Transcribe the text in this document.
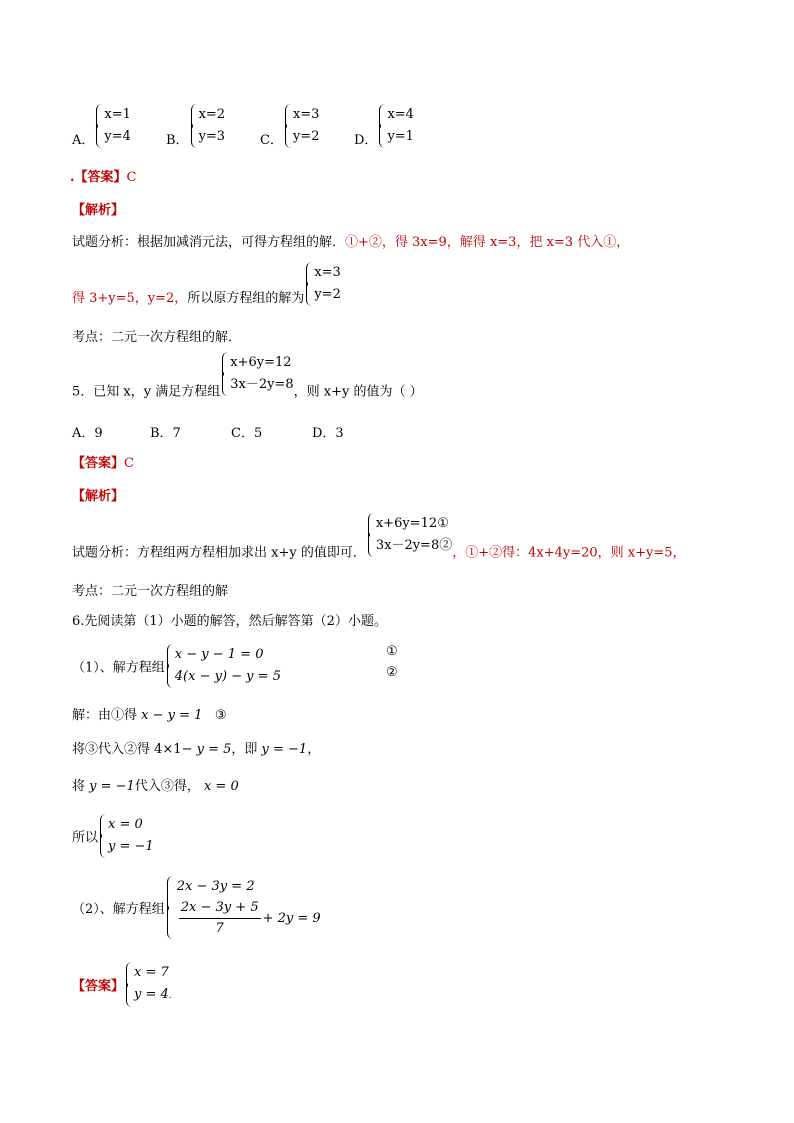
A．
x=1
y=4	B．
x=2
y=3	C．
x=3
y=2	D．
x=4
y=1
.【答案】C
【解析】
试题分析：根据加减消元法，可得方程组的解．①+②，得 3x=9，解得 x=3，把 x=3 代入①，
得 3+y=5，y=2，所以原方程组的解为
x=3
y=2
考点：二元一次方程组的解．
5．已知 x，y 满足方程组
x+6y=12
3x－2y=8 ，则 x+y 的值为（ ）
A．9	B．7	C．5	D．3
【答案】C
【解析】
试题分析：方程组两方程相加求出 x+y 的值即可．
x+6y=12①
3x－2y=8② ，①+②得：4x+4y=20，则 x+y=5，
考点：二元一次方程组的解
6.先阅读第（1）小题的解答，然后解答第（2）小题。
（1）、解方程组
x − y − 1 = 0
4(x − y) − y = 5
①
②
解：由①得 x − y = 1 ③
将③代入②得 4×1− y = 5，即 y = −1，
将 y = −1代入③得， x = 0
所以
x = 0
y = −1
（2）、解方程组
2x − 3y = 2
$\frac{2x - 3y + 5}{7} + 2y = 9$
【答案】
x = 7
y = 4.
